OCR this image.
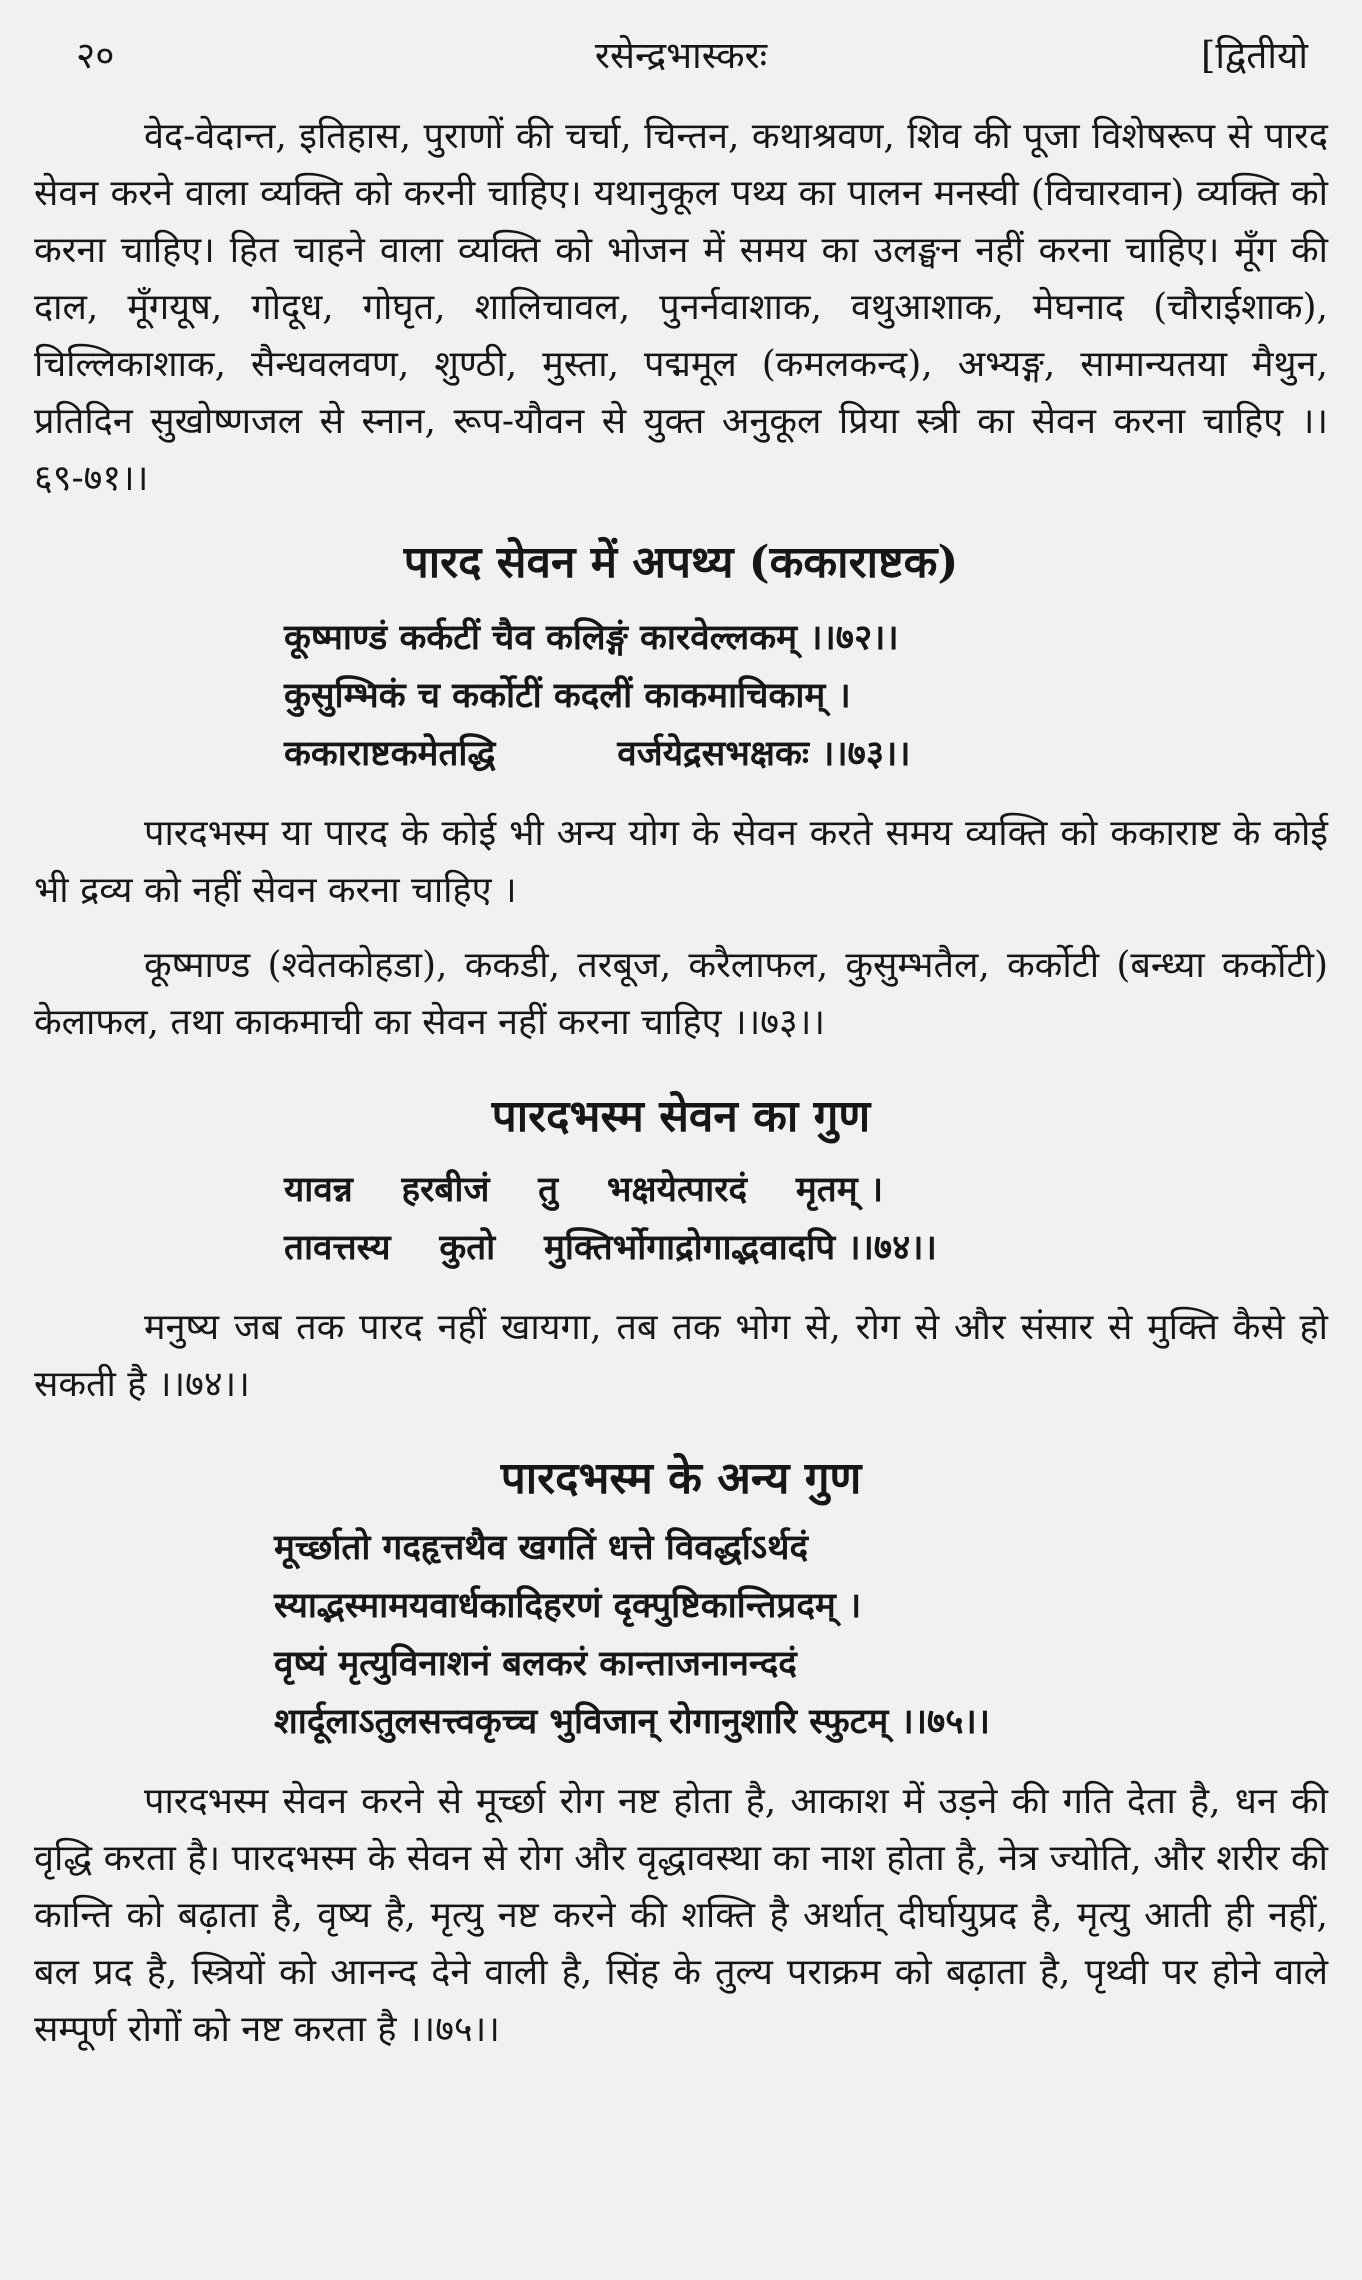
२०	रसेन्द्रभास्करः	[द्वितीयो

वेद-वेदान्त, इतिहास, पुराणों की चर्चा, चिन्तन, कथाश्रवण, शिव की पूजा विशेषरूप से पारद सेवन करने वाला व्यक्ति को करनी चाहिए। यथानुकूल पथ्य का पालन मनस्वी (विचारवान) व्यक्ति को करना चाहिए। हित चाहने वाला व्यक्ति को भोजन में समय का उलङ्घन नहीं करना चाहिए। मूँग की दाल, मूँगयूष, गोदूध, गोघृत, शालिचावल, पुनर्नवाशाक, वथुआशाक, मेघनाद (चौराईशाक), चिल्लिकाशाक, सैन्धवलवण, शुण्ठी, मुस्ता, पद्ममूल (कमलकन्द), अभ्यङ्ग, सामान्यतया मैथुन, प्रतिदिन सुखोष्णजल से स्नान, रूप-यौवन से युक्त अनुकूल प्रिया स्त्री का सेवन करना चाहिए ।।६९-७१।।

पारद सेवन में अपथ्य (ककाराष्टक)
कूष्माण्डं कर्कटीं चैव कलिङ्गं कारवेल्लकम् ।।७२।।
कुसुम्भिकं च कर्कोटीं कदलीं काकमाचिकाम् ।
ककाराष्टकमेतद्धि          वर्जयेद्रसभक्षकः ।।७३।।

पारदभस्म या पारद के कोई भी अन्य योग के सेवन करते समय व्यक्ति को ककाराष्ट के कोई भी द्रव्य को नहीं सेवन करना चाहिए ।

कूष्माण्ड (श्वेतकोहडा), ककडी, तरबूज, करैलाफल, कुसुम्भतैल, कर्कोटी (बन्ध्या कर्कोटी) केलाफल, तथा काकमाची का सेवन नहीं करना चाहिए ।।७३।।

पारदभस्म सेवन का गुण
यावन्न    हरबीजं    तु    भक्षयेत्पारदं    मृतम् ।
तावत्तस्य    कुतो    मुक्तिर्भोगाद्रोगाद्भवादपि ।।७४।।

मनुष्य जब तक पारद नहीं खायगा, तब तक भोग से, रोग से और संसार से मुक्ति कैसे हो सकती है ।।७४।।

पारदभस्म के अन्य गुण
मूर्च्छातो गदहृत्तथैव खगतिं धत्ते विवर्द्धाऽर्थदं
स्याद्भस्मामयवार्धकादिहरणं दृक्पुष्टिकान्तिप्रदम् ।
वृष्यं मृत्युविनाशनं बलकरं कान्ताजनानन्ददं
शार्दूलाऽतुलसत्त्वकृच्च भुविजान् रोगानुशारि स्फुटम् ।।७५।।

पारदभस्म सेवन करने से मूर्च्छा रोग नष्ट होता है, आकाश में उड़ने की गति देता है, धन की वृद्धि करता है। पारदभस्म के सेवन से रोग और वृद्धावस्था का नाश होता है, नेत्र ज्योति, और शरीर की कान्ति को बढ़ाता है, वृष्य है, मृत्यु नष्ट करने की शक्ति है अर्थात् दीर्घायुप्रद है, मृत्यु आती ही नहीं, बल प्रद है, स्त्रियों को आनन्द देने वाली है, सिंह के तुल्य पराक्रम को बढ़ाता है, पृथ्वी पर होने वाले सम्पूर्ण रोगों को नष्ट करता है ।।७५।।
